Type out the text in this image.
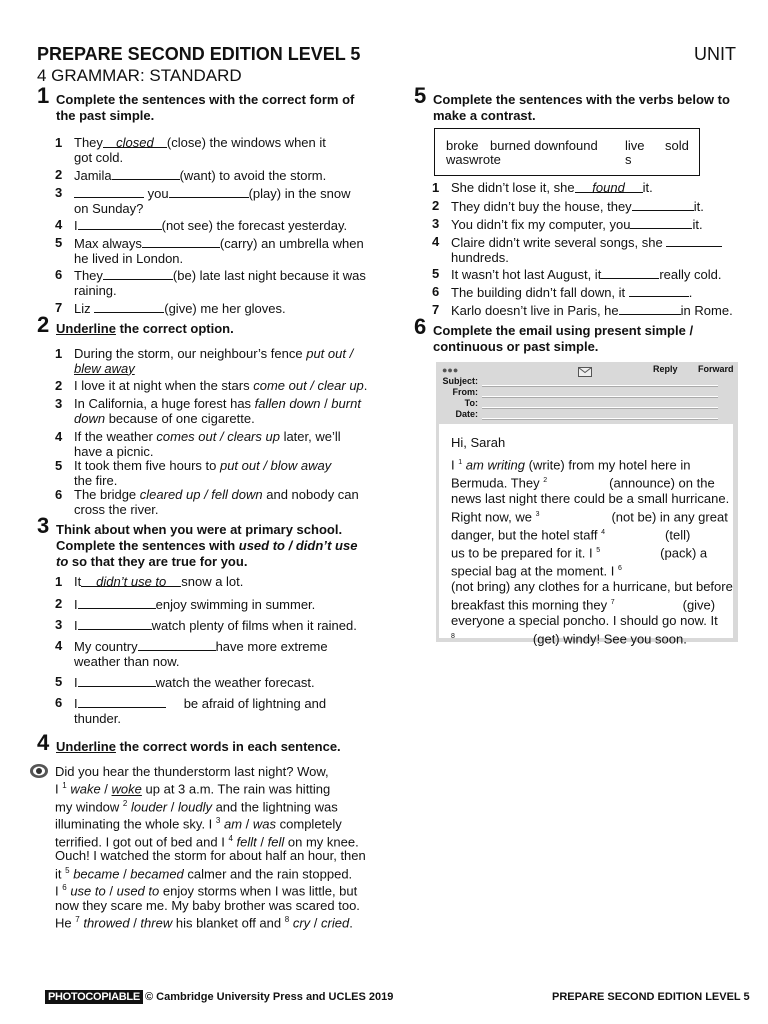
PREPARE SECOND EDITION LEVEL 5	UNIT
4 GRAMMAR: STANDARD
1 Complete the sentences with the correct form of
the past simple.
1 They closed (close) the windows when it
got cold.
2 Jamila	(want) to avoid the storm.
3	you	(play) in the snow
on Sunday?
4 I	(not see) the forecast yesterday.
5 Max always	(carry) an umbrella when
he lived in London.
6 They	(be) late last night because it was
raining.
7 Liz	(give) me her gloves.
2 Underline the correct option.
1 During the storm, our neighbour’s fence put out /
blew away
2 I love it at night when the stars come out / clear up.
3 In California, a huge forest has fallen down / burnt
down because of one cigarette.
4 If the weather comes out / clears up later, we’ll
have a picnic.
5 It took them five hours to put out / blow away
the fire.
6 The bridge cleared up / fell down and nobody can
cross the river.
3 Think about when you were at primary school.
Complete the sentences with used to / didn’t use
to so that they are true for you.
1 It didn’t use to snow a lot.
2 I	enjoy swimming in summer.
3 I	watch plenty of films when it rained.
4 My country	have more extreme
weather than now.
5 I	watch the weather forecast.
6 I	be afraid of lightning and
thunder.
4 Underline the correct words in each sentence.
Did you hear the thunderstorm last night? Wow,
I $^1$ wake / woke up at 3 a.m. The rain was hitting
my window $^2$ louder / loudly and the lightning was
illuminating the whole sky. I $^3$ am / was completely
terrified. I got out of bed and I $^4$ fellt / fell on my knee.
Ouch! I watched the storm for about half an hour, then
it $^5$ became / becamed calmer and the rain stopped.
I $^6$ use to / used to enjoy storms when I was little, but
now they scare me. My baby brother was scared too.
He $^7$ throwed / threw his blanket off and $^8$ cry / cried.
5 Complete the sentences with the verbs below to
make a contrast.
broke burned downfound live sold
waswrote	s
1 She didn’t lose it, she found it.
2 They didn’t buy the house, they	it.
3 You didn’t fix my computer, you	it.
4 Claire didn’t write several songs, she
hundreds.
5 It wasn’t hot last August, it	really cold.
6 The building didn’t fall down, it	.
7 Karlo doesn’t live in Paris, he	in Rome.
6 Complete the email using present simple /
continuous or past simple.
●●●	Reply Forward
Subject:
From:
To:
Date:
Hi, Sarah
I $^1$ am writing (write) from my hotel here in
Bermuda. They $^2$	(announce) on the
news last night there could be a small hurricane.
Right now, we $^3$	(not be) in any great
danger, but the hotel staff $^4$	(tell)
us to be prepared for it. I $^5$	(pack) a
special bag at the moment. I $^6$
(not bring) any clothes for a hurricane, but before
breakfast this morning they $^7$	(give)
everyone a special poncho. I should go now. It
$^8$	(get) windy! See you soon.
PHOTOCOPIABLE © Cambridge University Press and UCLES 2019	PREPARE SECOND EDITION LEVEL 5
